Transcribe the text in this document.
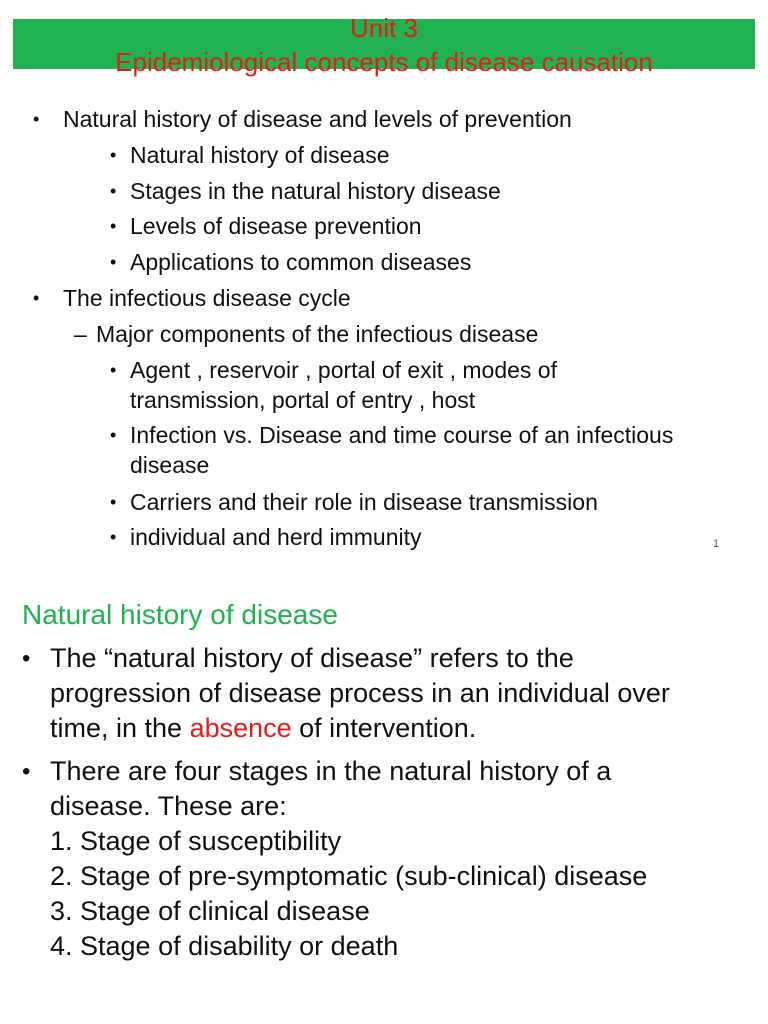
Unit 3
Epidemiological concepts of disease causation
• Natural history of disease and levels of prevention
• Natural history of disease
• Stages in the natural history disease
• Levels of disease prevention
• Applications to common diseases
• The infectious disease cycle
– Major components of the infectious disease
• Agent , reservoir , portal of exit , modes of
transmission, portal of entry , host
• Infection vs. Disease and time course of an infectious
disease
• Carriers and their role in disease transmission
• individual and herd immunity	1
Natural history of disease
• The “natural history of disease” refers to the
progression of disease process in an individual over
time, in the absence of intervention.
• There are four stages in the natural history of a
disease. These are:
1. Stage of susceptibility
2. Stage of pre-symptomatic (sub-clinical) disease
3. Stage of clinical disease
4. Stage of disability or death
